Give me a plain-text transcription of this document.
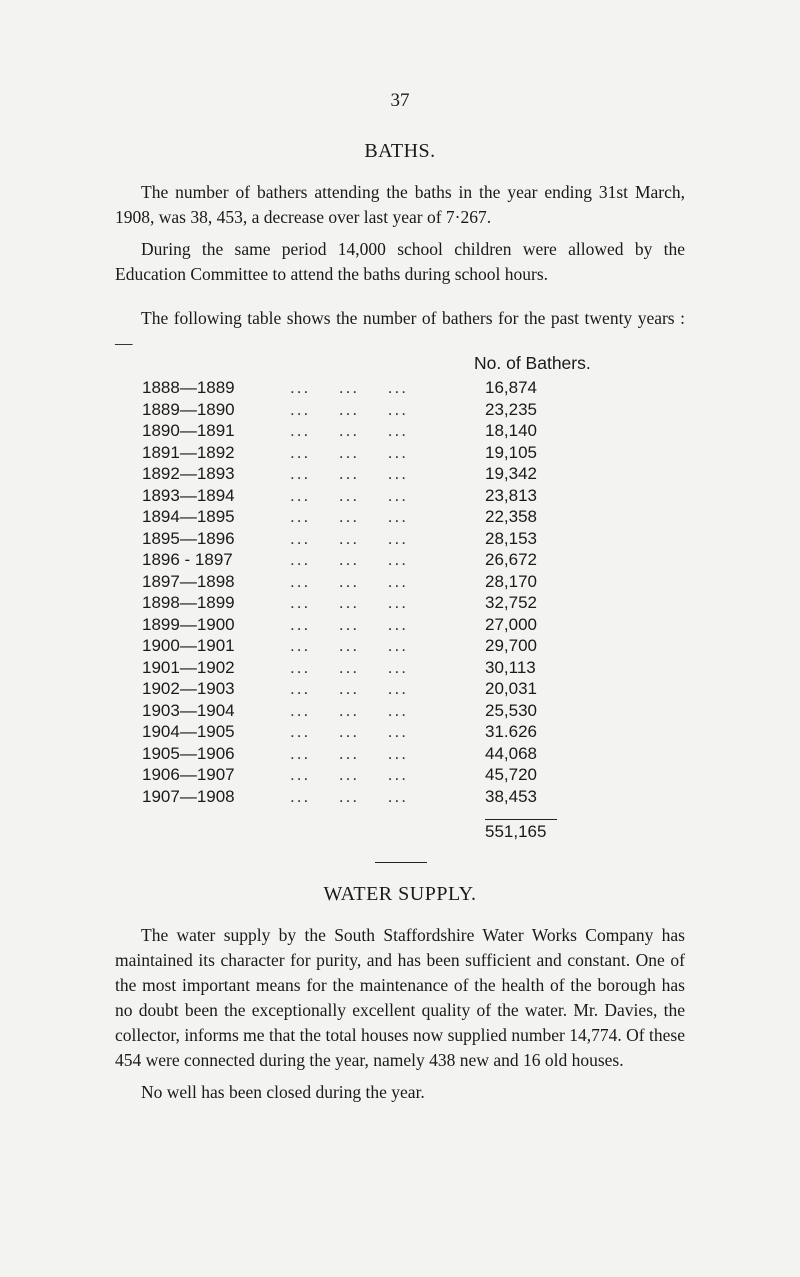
37
BATHS.
The number of bathers attending the baths in the year ending 31st March, 1908, was 38, 453, a decrease over last year of 7·267.
During the same period 14,000 school children were allowed by the Education Committee to attend the baths during school hours.
The following table shows the number of bathers for the past twenty years :—
No. of Bathers.
1888—1889	... ... ...	16,874
1889—1890	... ... ...	23,235
1890—1891	... ... ...	18,140
1891—1892	... ... ...	19,105
1892—1893	... ... ...	19,342
1893—1894	... ... ...	23,813
1894—1895	... ... ...	22,358
1895—1896	... ... ...	28,153
1896 - 1897	... ... ...	26,672
1897—1898	... ... ...	28,170
1898—1899	... ... ...	32,752
1899—1900	... ... ...	27,000
1900—1901	... ... ...	29,700
1901—1902	... ... ...	30,113
1902—1903	... ... ...	20,031
1903—1904	... ... ...	25,530
1904—1905	... ... ...	31.626
1905—1906	... ... ...	44,068
1906—1907	... ... ...	45,720
1907—1908	... ... ...	38,453
551,165
WATER SUPPLY.
The water supply by the South Staffordshire Water Works Company has maintained its character for purity, and has been sufficient and constant. One of the most important means for the maintenance of the health of the borough has no doubt been the exceptionally excellent quality of the water. Mr. Davies, the collector, informs me that the total houses now supplied number 14,774. Of these 454 were connected during the year, namely 438 new and 16 old houses.
No well has been closed during the year.
